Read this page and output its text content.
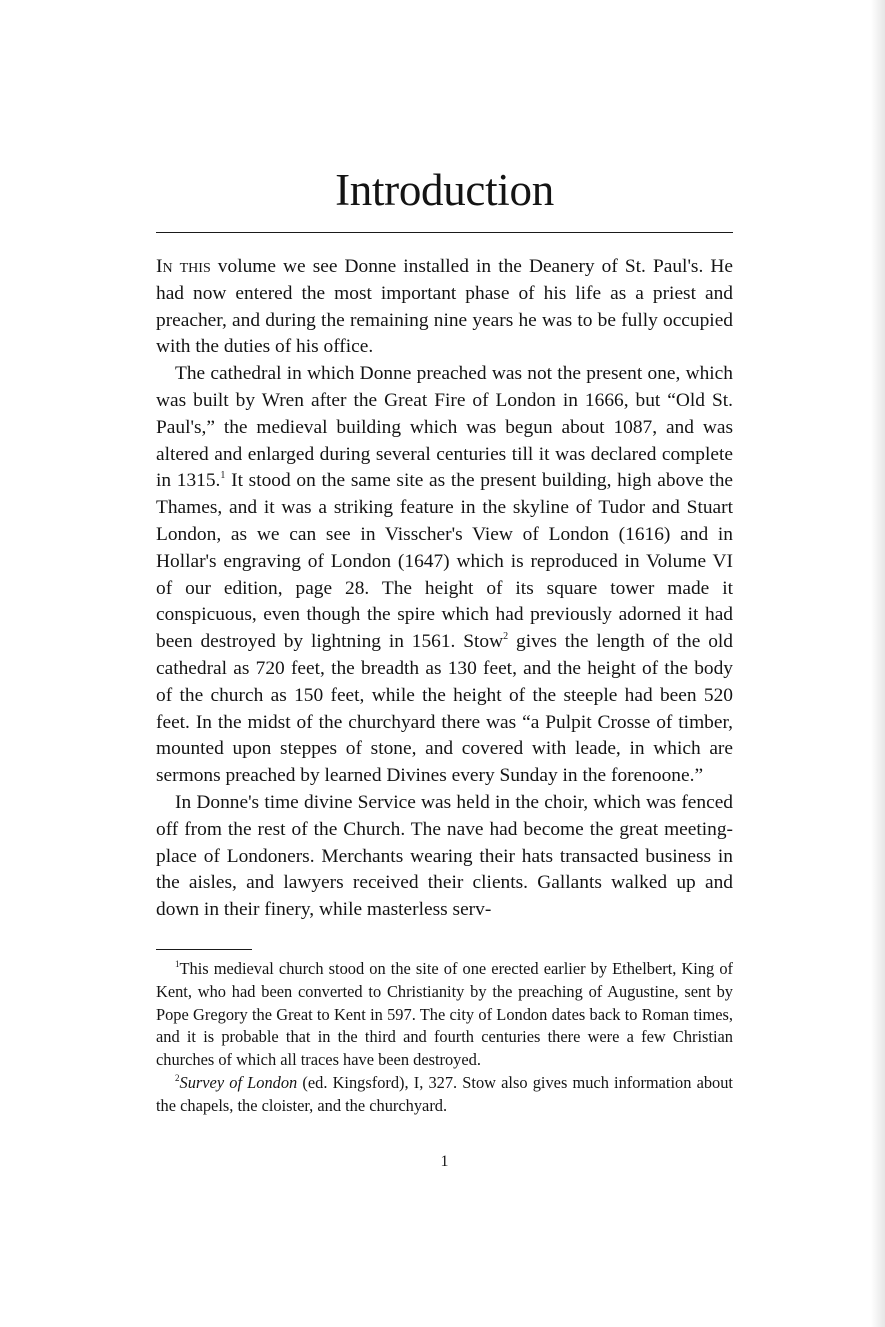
Introduction

In this volume we see Donne installed in the Deanery of St. Paul's. He had now entered the most important phase of his life as a priest and preacher, and during the remaining nine years he was to be fully occupied with the duties of his office.

The cathedral in which Donne preached was not the present one, which was built by Wren after the Great Fire of London in 1666, but “Old St. Paul's,” the medieval building which was begun about 1087, and was altered and enlarged during several centuries till it was declared complete in 1315.$^1$ It stood on the same site as the present building, high above the Thames, and it was a striking feature in the skyline of Tudor and Stuart London, as we can see in Visscher's View of London (1616) and in Hollar's engraving of London (1647) which is reproduced in Volume VI of our edition, page 28. The height of its square tower made it conspicuous, even though the spire which had previously adorned it had been destroyed by lightning in 1561. Stow$^2$ gives the length of the old cathedral as 720 feet, the breadth as 130 feet, and the height of the body of the church as 150 feet, while the height of the steeple had been 520 feet. In the midst of the churchyard there was “a Pulpit Crosse of timber, mounted upon steppes of stone, and covered with leade, in which are sermons preached by learned Divines every Sunday in the forenoone.”

In Donne's time divine Service was held in the choir, which was fenced off from the rest of the Church. The nave had become the great meeting-place of Londoners. Merchants wearing their hats transacted business in the aisles, and lawyers received their clients. Gallants walked up and down in their finery, while masterless serv-

$^1$This medieval church stood on the site of one erected earlier by Ethelbert, King of Kent, who had been converted to Christianity by the preaching of Augustine, sent by Pope Gregory the Great to Kent in 597. The city of London dates back to Roman times, and it is probable that in the third and fourth centuries there were a few Christian churches of which all traces have been destroyed.

$^2$Survey of London (ed. Kingsford), I, 327. Stow also gives much information about the chapels, the cloister, and the churchyard.

1
